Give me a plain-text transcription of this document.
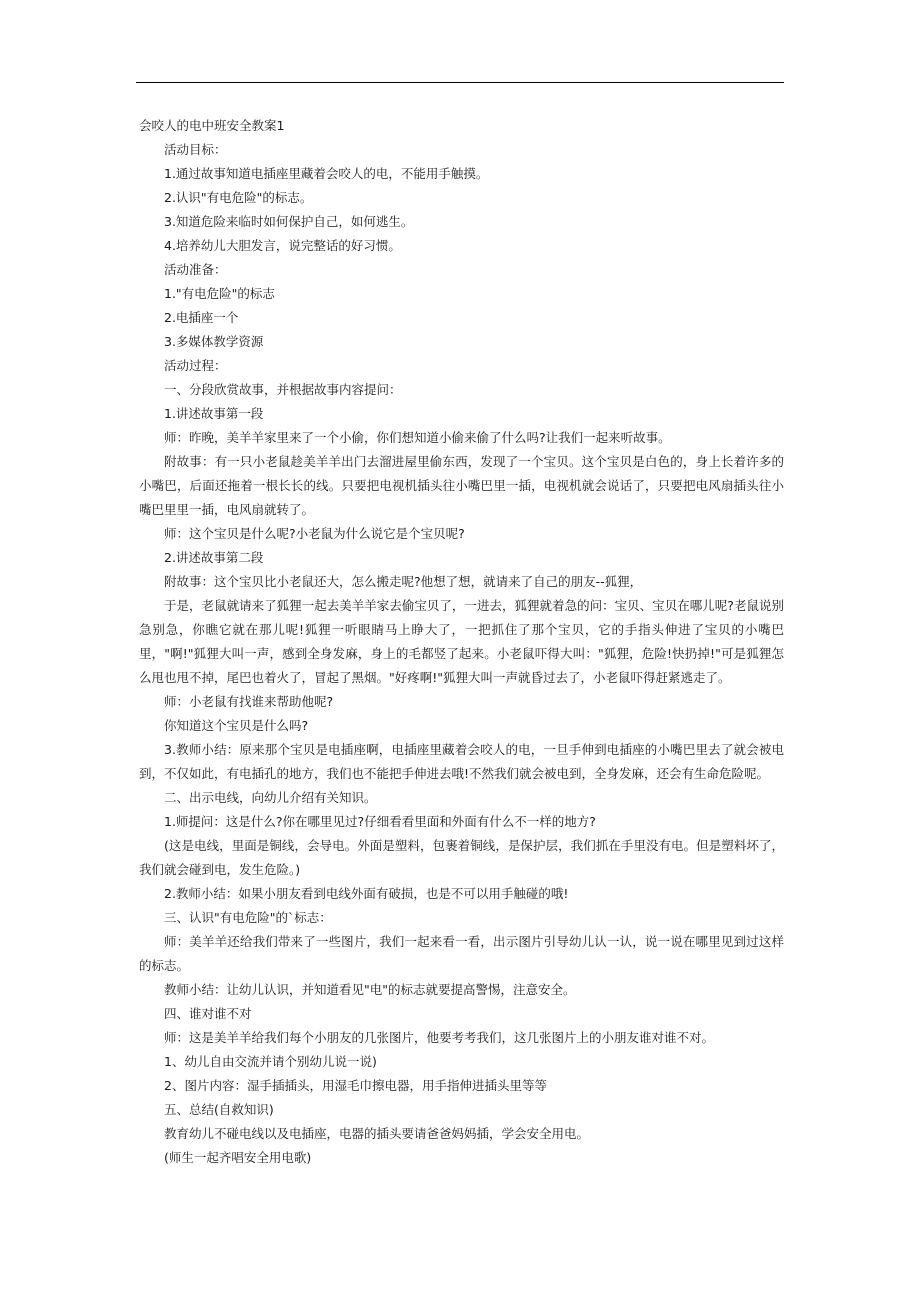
会咬人的电中班安全教案1

活动目标：

1.通过故事知道电插座里藏着会咬人的电，不能用手触摸。

2.认识"有电危险"的标志。

3.知道危险来临时如何保护自己，如何逃生。

4.培养幼儿大胆发言，说完整话的好习惯。

活动准备：

1."有电危险"的标志

2.电插座一个

3.多媒体教学资源

活动过程：

一、分段欣赏故事，并根据故事内容提问：

1.讲述故事第一段

师：昨晚，美羊羊家里来了一个小偷，你们想知道小偷来偷了什么吗?让我们一起来听故事。

附故事：有一只小老鼠趁美羊羊出门去溜进屋里偷东西，发现了一个宝贝。这个宝贝是白色的，身上长着许多的小嘴巴，后面还拖着一根长长的线。只要把电视机插头往小嘴巴里一插，电视机就会说话了，只要把电风扇插头往小嘴巴里里一插，电风扇就转了。

师：这个宝贝是什么呢?小老鼠为什么说它是个宝贝呢?

2.讲述故事第二段

附故事：这个宝贝比小老鼠还大，怎么搬走呢?他想了想，就请来了自己的朋友--狐狸，

于是，老鼠就请来了狐狸一起去美羊羊家去偷宝贝了，一进去，狐狸就着急的问：宝贝、宝贝在哪儿呢?老鼠说别急别急，你瞧它就在那儿呢!狐狸一听眼睛马上睁大了，一把抓住了那个宝贝，它的手指头伸进了宝贝的小嘴巴里，"啊!"狐狸大叫一声，感到全身发麻，身上的毛都竖了起来。小老鼠吓得大叫："狐狸，危险!快扔掉!"可是狐狸怎么甩也甩不掉，尾巴也着火了，冒起了黑烟。"好疼啊!"狐狸大叫一声就昏过去了，小老鼠吓得赶紧逃走了。

师：小老鼠有找谁来帮助他呢?

你知道这个宝贝是什么吗?

3.教师小结：原来那个宝贝是电插座啊，电插座里藏着会咬人的电，一旦手伸到电插座的小嘴巴里去了就会被电到，不仅如此，有电插孔的地方，我们也不能把手伸进去哦!不然我们就会被电到，全身发麻，还会有生命危险呢。

二、出示电线，向幼儿介绍有关知识。

1.师提问：这是什么?你在哪里见过?仔细看看里面和外面有什么不一样的地方?

(这是电线，里面是铜线，会导电。外面是塑料，包裹着铜线，是保护层，我们抓在手里没有电。但是塑料坏了，我们就会碰到电，发生危险。)

2.教师小结：如果小朋友看到电线外面有破损，也是不可以用手触碰的哦!

三、认识"有电危险"的`标志：

师：美羊羊还给我们带来了一些图片，我们一起来看一看，出示图片引导幼儿认一认，说一说在哪里见到过这样的标志。

教师小结：让幼儿认识，并知道看见"电"的标志就要提高警惕，注意安全。

四、谁对谁不对

师：这是美羊羊给我们每个小朋友的几张图片，他要考考我们，这几张图片上的小朋友谁对谁不对。

1、幼儿自由交流并请个别幼儿说一说)

2、图片内容：湿手插插头，用湿毛巾擦电器，用手指伸进插头里等等

五、总结(自救知识)

教育幼儿不碰电线以及电插座，电器的插头要请爸爸妈妈插，学会安全用电。

(师生一起齐唱安全用电歌)
